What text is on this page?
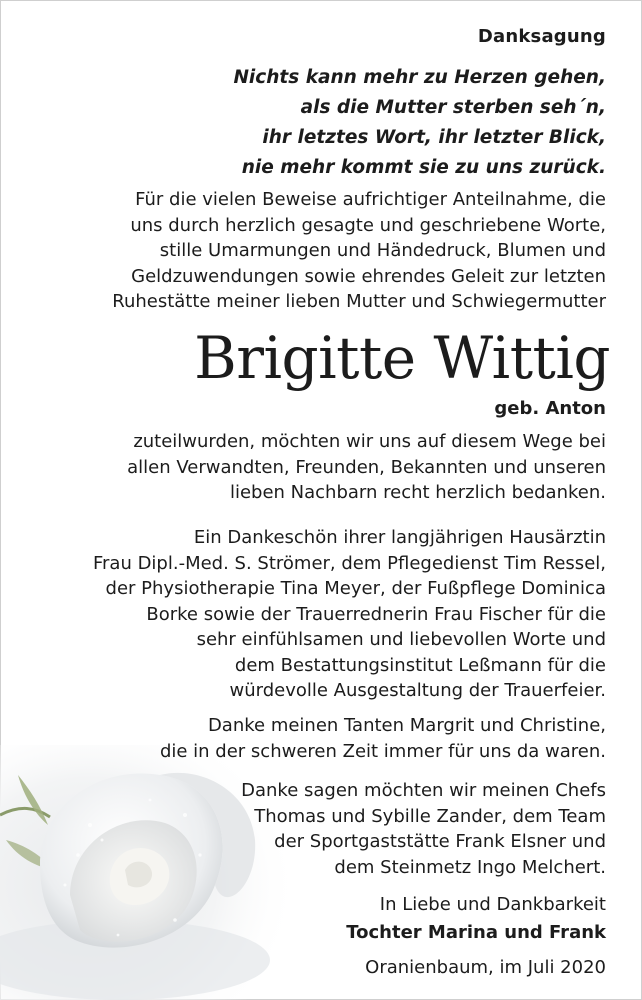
Danksagung
Nichts kann mehr zu Herzen gehen,
als die Mutter sterben seh´n,
ihr letztes Wort, ihr letzter Blick,
nie mehr kommt sie zu uns zurück.
Für die vielen Beweise aufrichtiger Anteilnahme, die
uns durch herzlich gesagte und geschriebene Worte,
stille Umarmungen und Händedruck, Blumen und
Geldzuwendungen sowie ehrendes Geleit zur letzten
Ruhestätte meiner lieben Mutter und Schwiegermutter
Brigitte Wittig
geb. Anton
zuteilwurden, möchten wir uns auf diesem Wege bei
allen Verwandten, Freunden, Bekannten und unseren
lieben Nachbarn recht herzlich bedanken.
Ein Dankeschön ihrer langjährigen Hausärztin
Frau Dipl.-Med. S. Strömer, dem Pflegedienst Tim Ressel,
der Physiotherapie Tina Meyer, der Fußpflege Dominica
Borke sowie der Trauerrednerin Frau Fischer für die
sehr einfühlsamen und liebevollen Worte und
dem Bestattungsinstitut Leßmann für die
würdevolle Ausgestaltung der Trauerfeier.
Danke meinen Tanten Margrit und Christine,
die in der schweren Zeit immer für uns da waren.
Danke sagen möchten wir meinen Chefs
Thomas und Sybille Zander, dem Team
der Sportgaststätte Frank Elsner und
dem Steinmetz Ingo Melchert.
In Liebe und Dankbarkeit
Tochter Marina und Frank
Oranienbaum, im Juli 2020
